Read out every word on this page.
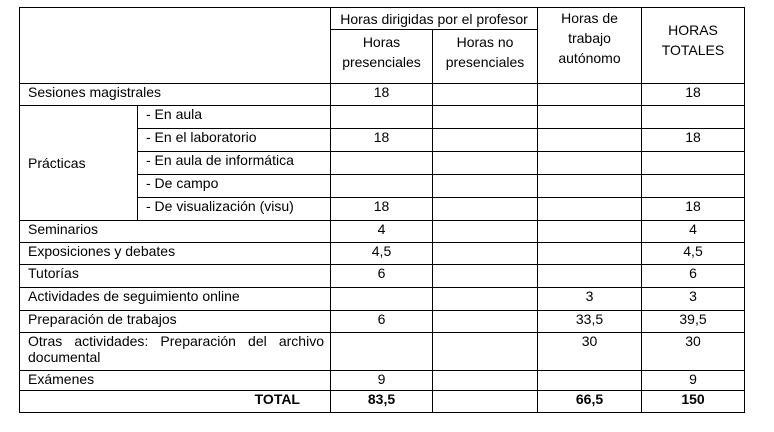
		Horas dirigidas por el profesor		Horas de trabajo autónomo	HORAS TOTALES
		Horas presenciales	Horas no presenciales		
Sesiones magistrales		18			18
Prácticas	- En aula				
	- En el laboratorio	18			18
	- En aula de informática				
	- De campo				
	- De visualización (visu)	18			18
Seminarios		4			4
Exposiciones y debates		4,5			4,5
Tutorías		6			6
Actividades de seguimiento online				3	3
Preparación de trabajos		6		33,5	39,5
Otras actividades: Preparación del archivo documental				30	30
Exámenes		9			9
TOTAL		83,5		66,5	150
